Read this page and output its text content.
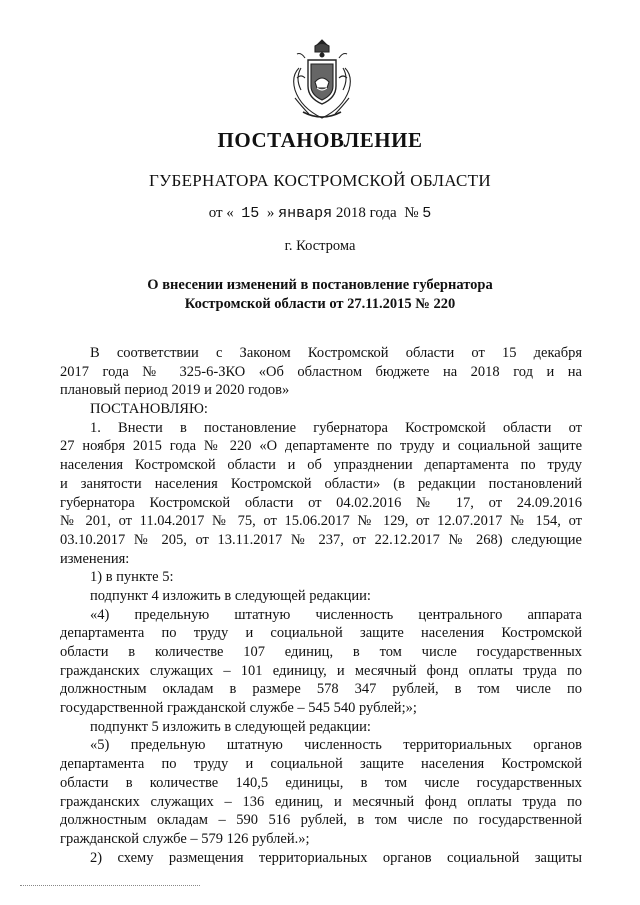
ПОСТАНОВЛЕНИЕ
ГУБЕРНАТОРА КОСТРОМСКОЙ ОБЛАСТИ
от « 15 » января 2018 года № 5
г. Кострома
О внесении изменений в постановление губернатора
Костромской области от 27.11.2015 № 220
В соответствии с Законом Костромской области от 15 декабря
2017 года № 325-6-ЗКО «Об областном бюджете на 2018 год и на
плановый период 2019 и 2020 годов»
ПОСТАНОВЛЯЮ:
1. Внести в постановление губернатора Костромской области от
27 ноября 2015 года № 220 «О департаменте по труду и социальной защите
населения Костромской области и об упразднении департамента по труду
и занятости населения Костромской области» (в редакции постановлений
губернатора Костромской области от 04.02.2016 № 17, от 24.09.2016
№ 201, от 11.04.2017 № 75, от 15.06.2017 № 129, от 12.07.2017 № 154, от
03.10.2017 № 205, от 13.11.2017 № 237, от 22.12.2017 № 268) следующие
изменения:
1) в пункте 5:
подпункт 4 изложить в следующей редакции:
«4) предельную штатную численность центрального аппарата
департамента по труду и социальной защите населения Костромской
области в количестве 107 единиц, в том числе государственных
гражданских служащих – 101 единицу, и месячный фонд оплаты труда по
должностным окладам в размере 578 347 рублей, в том числе по
государственной гражданской службе – 545 540 рублей;»;
подпункт 5 изложить в следующей редакции:
«5) предельную штатную численность территориальных органов
департамента по труду и социальной защите населения Костромской
области в количестве 140,5 единицы, в том числе государственных
гражданских служащих – 136 единиц, и месячный фонд оплаты труда по
должностным окладам – 590 516 рублей, в том числе по государственной
гражданской службе – 579 126 рублей.»;
2) схему размещения территориальных органов социальной защиты
